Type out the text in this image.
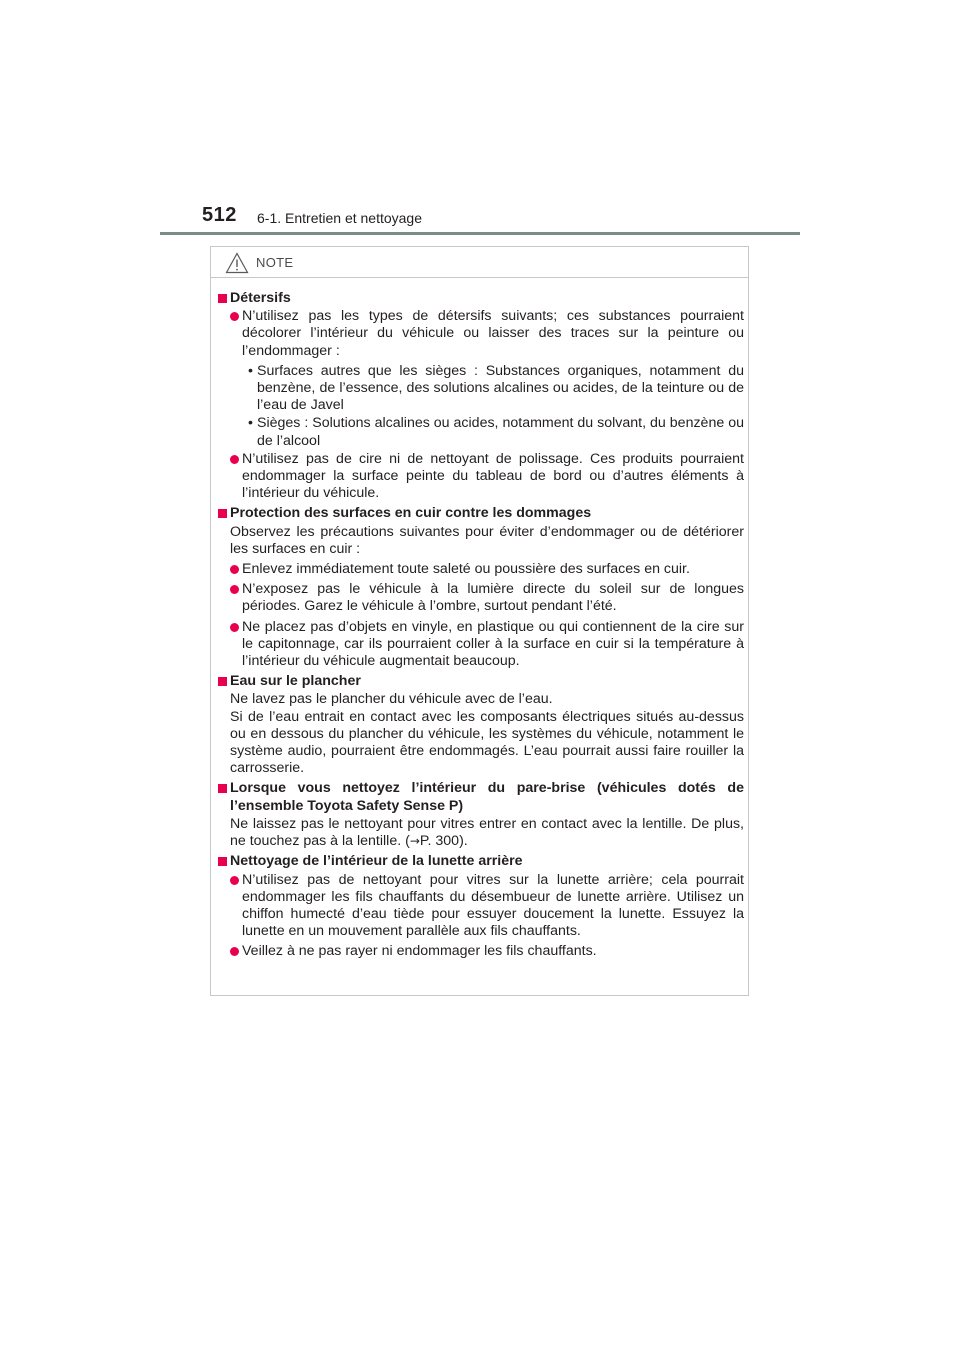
512 6-1. Entretien et nettoyage
NOTE
Détersifs
N’utilisez pas les types de détersifs suivants; ces substances pourraient décolorer l’intérieur du véhicule ou laisser des traces sur la peinture ou l’endommager :
• Surfaces autres que les sièges : Substances organiques, notamment du benzène, de l’essence, des solutions alcalines ou acides, de la teinture ou de l’eau de Javel
• Sièges : Solutions alcalines ou acides, notamment du solvant, du benzène ou de l’alcool
N’utilisez pas de cire ni de nettoyant de polissage. Ces produits pourraient endommager la surface peinte du tableau de bord ou d’autres éléments à l’intérieur du véhicule.
Protection des surfaces en cuir contre les dommages
Observez les précautions suivantes pour éviter d’endommager ou de détériorer les surfaces en cuir :
Enlevez immédiatement toute saleté ou poussière des surfaces en cuir.
N’exposez pas le véhicule à la lumière directe du soleil sur de longues périodes. Garez le véhicule à l’ombre, surtout pendant l’été.
Ne placez pas d’objets en vinyle, en plastique ou qui contiennent de la cire sur le capitonnage, car ils pourraient coller à la surface en cuir si la température à l’intérieur du véhicule augmentait beaucoup.
Eau sur le plancher
Ne lavez pas le plancher du véhicule avec de l’eau.
Si de l’eau entrait en contact avec les composants électriques situés au-dessus ou en dessous du plancher du véhicule, les systèmes du véhicule, notamment le système audio, pourraient être endommagés. L’eau pourrait aussi faire rouiller la carrosserie.
Lorsque vous nettoyez l’intérieur du pare-brise (véhicules dotés de l’ensemble Toyota Safety Sense P)
Ne laissez pas le nettoyant pour vitres entrer en contact avec la lentille. De plus, ne touchez pas à la lentille. (→P. 300).
Nettoyage de l’intérieur de la lunette arrière
N’utilisez pas de nettoyant pour vitres sur la lunette arrière; cela pourrait endommager les fils chauffants du désembueur de lunette arrière. Utilisez un chiffon humecté d’eau tiède pour essuyer doucement la lunette. Essuyez la lunette en un mouvement parallèle aux fils chauffants.
Veillez à ne pas rayer ni endommager les fils chauffants.
